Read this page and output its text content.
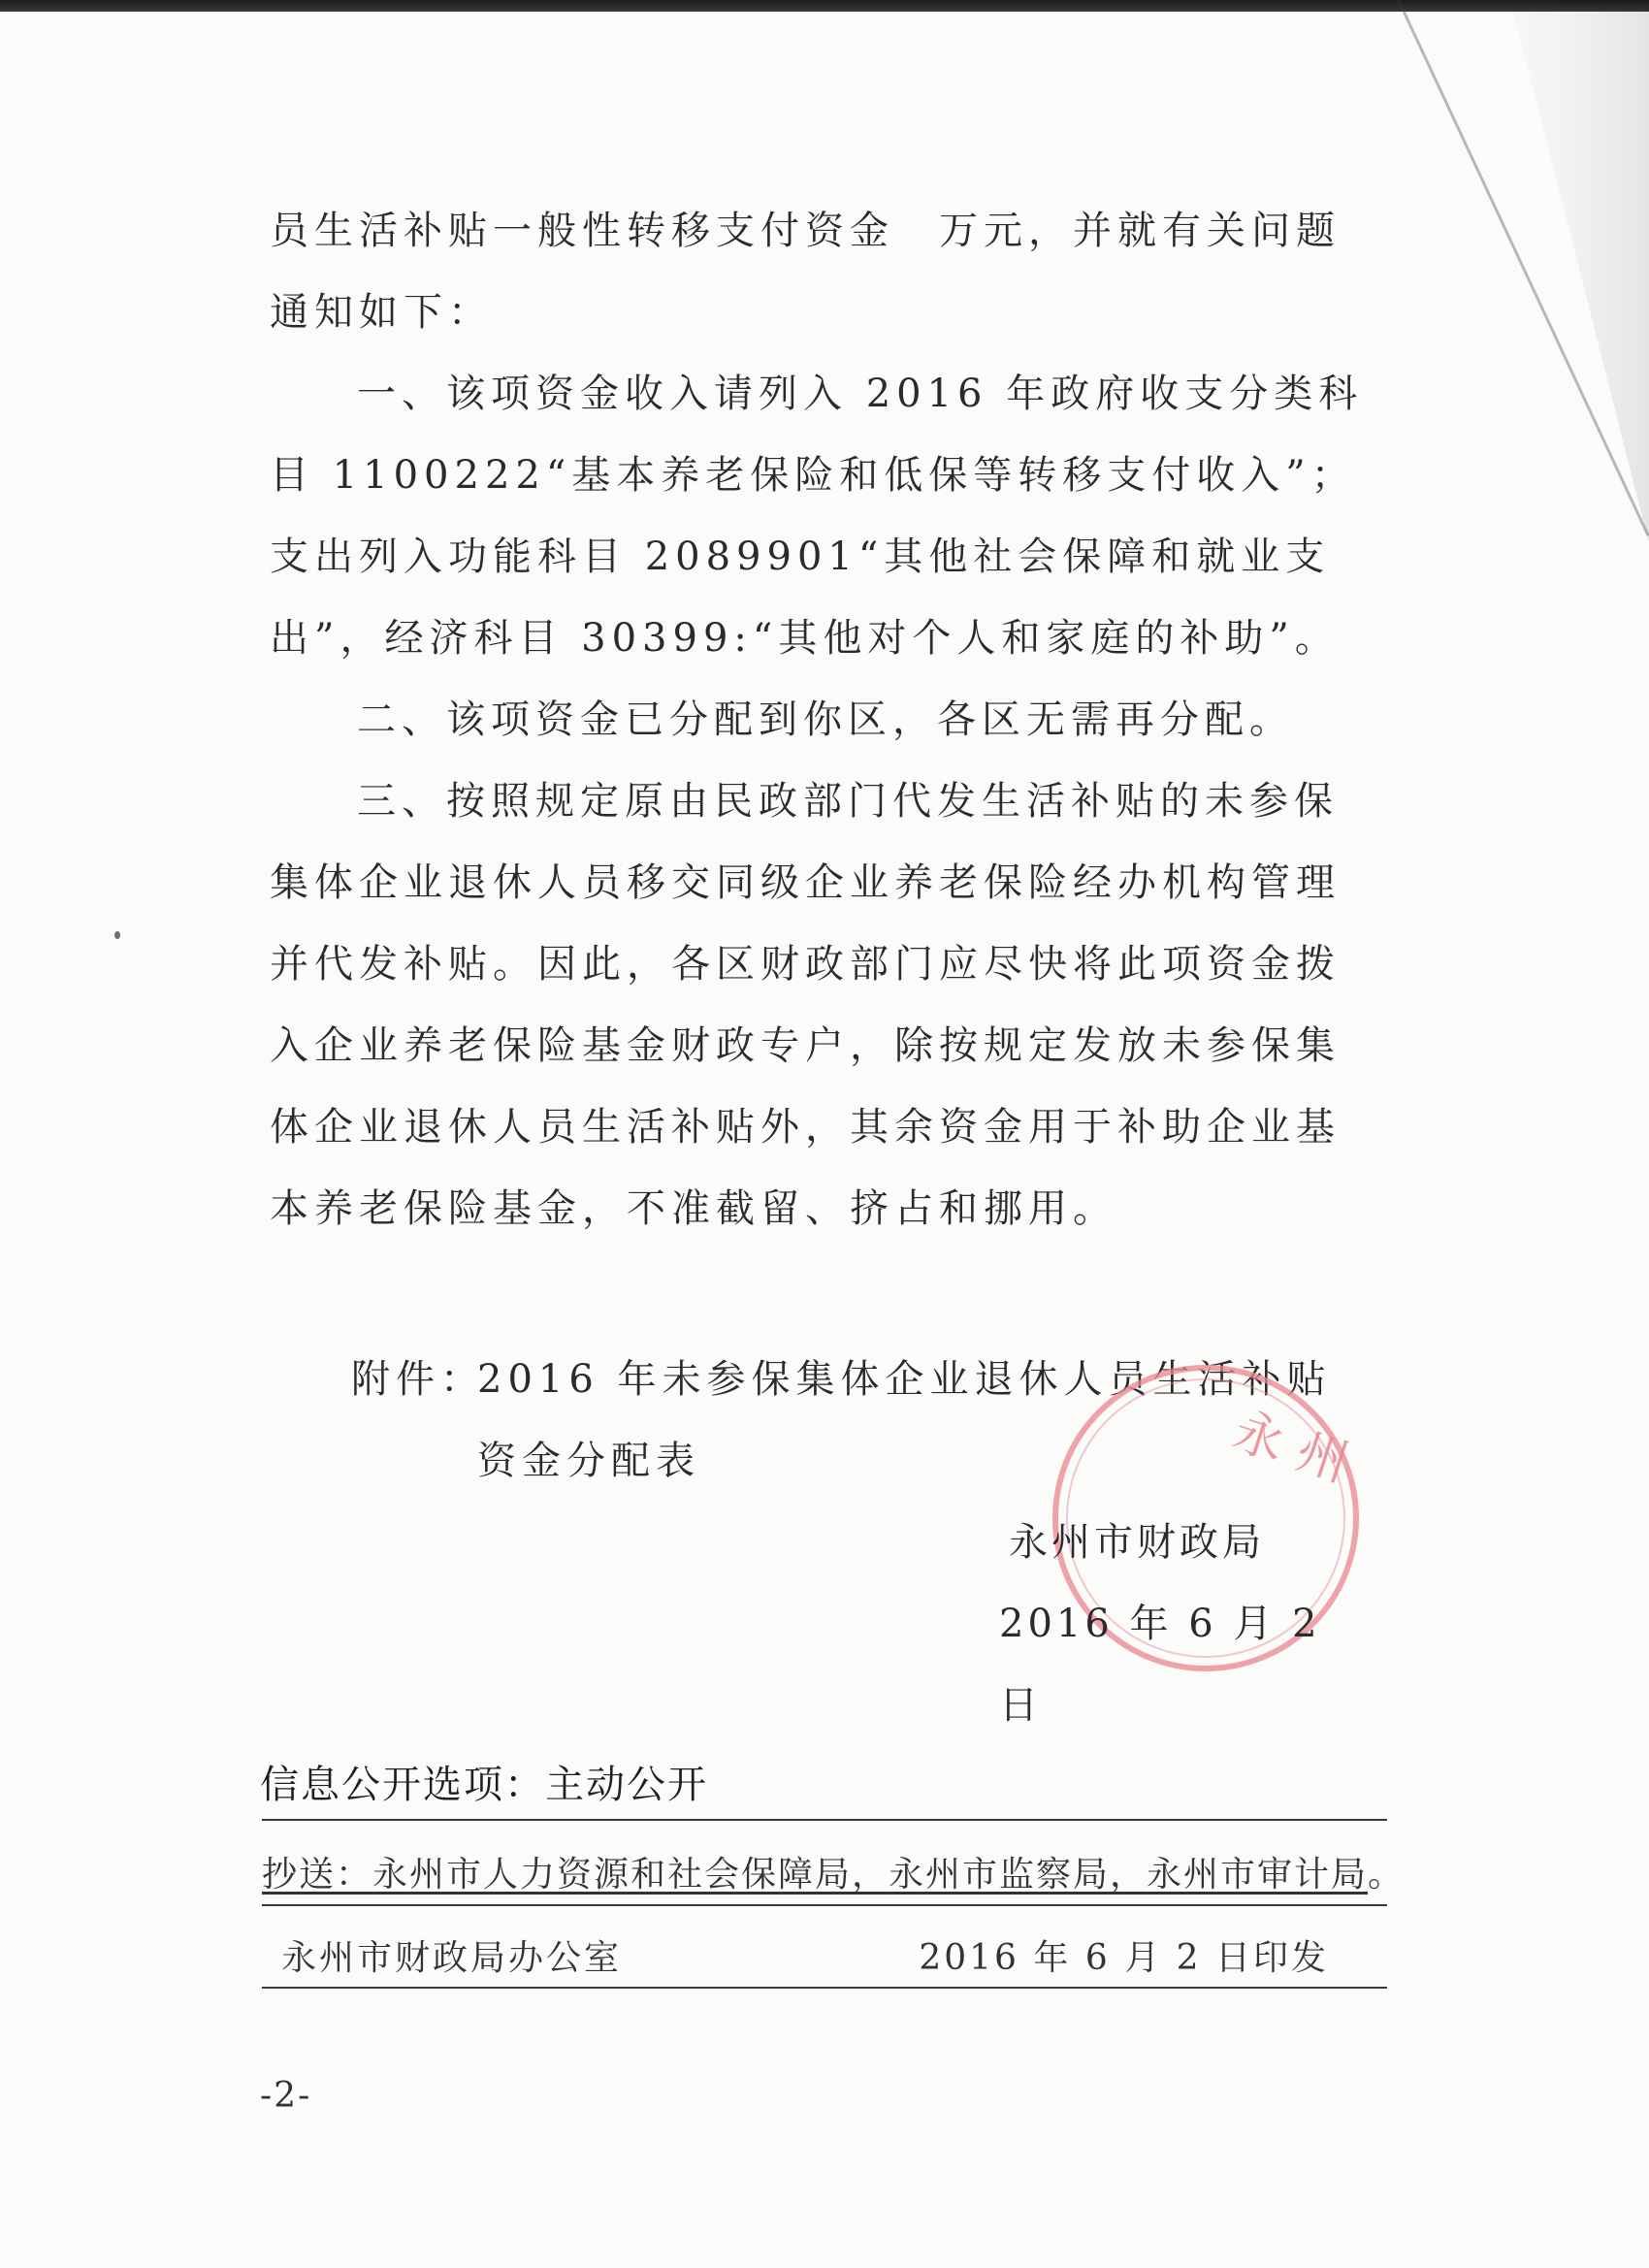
员生活补贴一般性转移支付资金　万元，并就有关问题通知如下：

一、该项资金收入请列入 2016 年政府收支分类科目 1100222“基本养老保险和低保等转移支付收入”；支出列入功能科目 2089901“其他社会保障和就业支出”，经济科目 30399:“其他对个人和家庭的补助”。

二、该项资金已分配到你区，各区无需再分配。

三、按照规定原由民政部门代发生活补贴的未参保集体企业退休人员移交同级企业养老保险经办机构管理并代发补贴。因此，各区财政部门应尽快将此项资金拨入企业养老保险基金财政专户，除按规定发放未参保集体企业退休人员生活补贴外，其余资金用于补助企业基本养老保险基金，不准截留、挤占和挪用。

附件：
2016 年未参保集体企业退休人员生活补贴资金分配表	永 州
永州市财政局
2016 年 6 月 2 日
信息公开选项：主动公开
抄送：永州市人力资源和社会保障局，永州市监察局，永州市审计局。
永州市财政局办公室	2016 年 6 月 2 日印发
-2-
